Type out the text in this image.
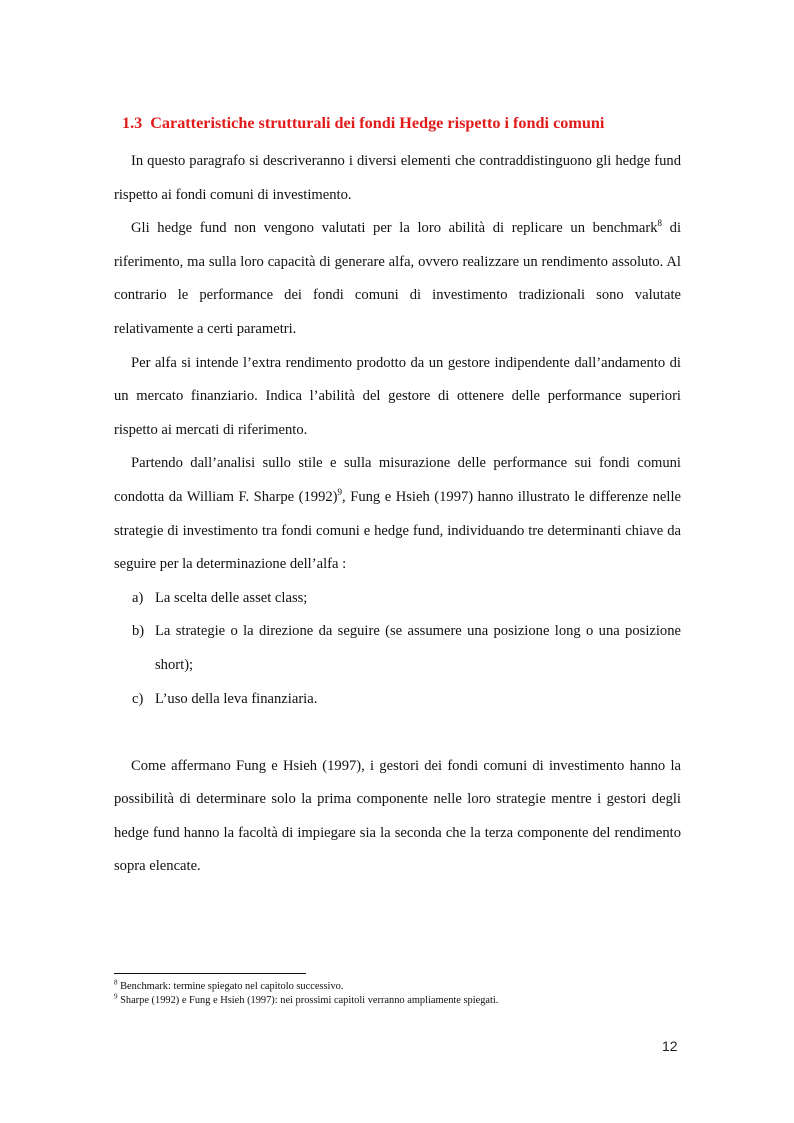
1.3 Caratteristiche strutturali dei fondi Hedge rispetto i fondi comuni

In questo paragrafo si descriveranno i diversi elementi che contraddistinguono gli hedge fund rispetto ai fondi comuni di investimento.

Gli hedge fund non vengono valutati per la loro abilità di replicare un benchmark$^8$ di riferimento, ma sulla loro capacità di generare alfa, ovvero realizzare un rendimento assoluto. Al contrario le performance dei fondi comuni di investimento tradizionali sono valutate relativamente a certi parametri.

Per alfa si intende l’extra rendimento prodotto da un gestore indipendente dall’andamento di un mercato finanziario. Indica l’abilità del gestore di ottenere delle performance superiori rispetto ai mercati di riferimento.

Partendo dall’analisi sullo stile e sulla misurazione delle performance sui fondi comuni condotta da William F. Sharpe $(1992)^9$, Fung e Hsieh (1997) hanno illustrato le differenze nelle strategie di investimento tra fondi comuni e hedge fund, individuando tre determinanti chiave da seguire per la determinazione dell’alfa :

a) La scelta delle asset class;
b) La strategie o la direzione da seguire (se assumere una posizione long o una posizione short);
c) L’uso della leva finanziaria.

Come affermano Fung e Hsieh (1997), i gestori dei fondi comuni di investimento hanno la possibilità di determinare solo la prima componente nelle loro strategie mentre i gestori degli hedge fund hanno la facoltà di impiegare sia la seconda che la terza componente del rendimento sopra elencate.

$^8$ Benchmark: termine spiegato nel capitolo successivo.
$^9$ Sharpe (1992) e Fung e Hsieh (1997): nei prossimi capitoli verranno ampliamente spiegati.
12
